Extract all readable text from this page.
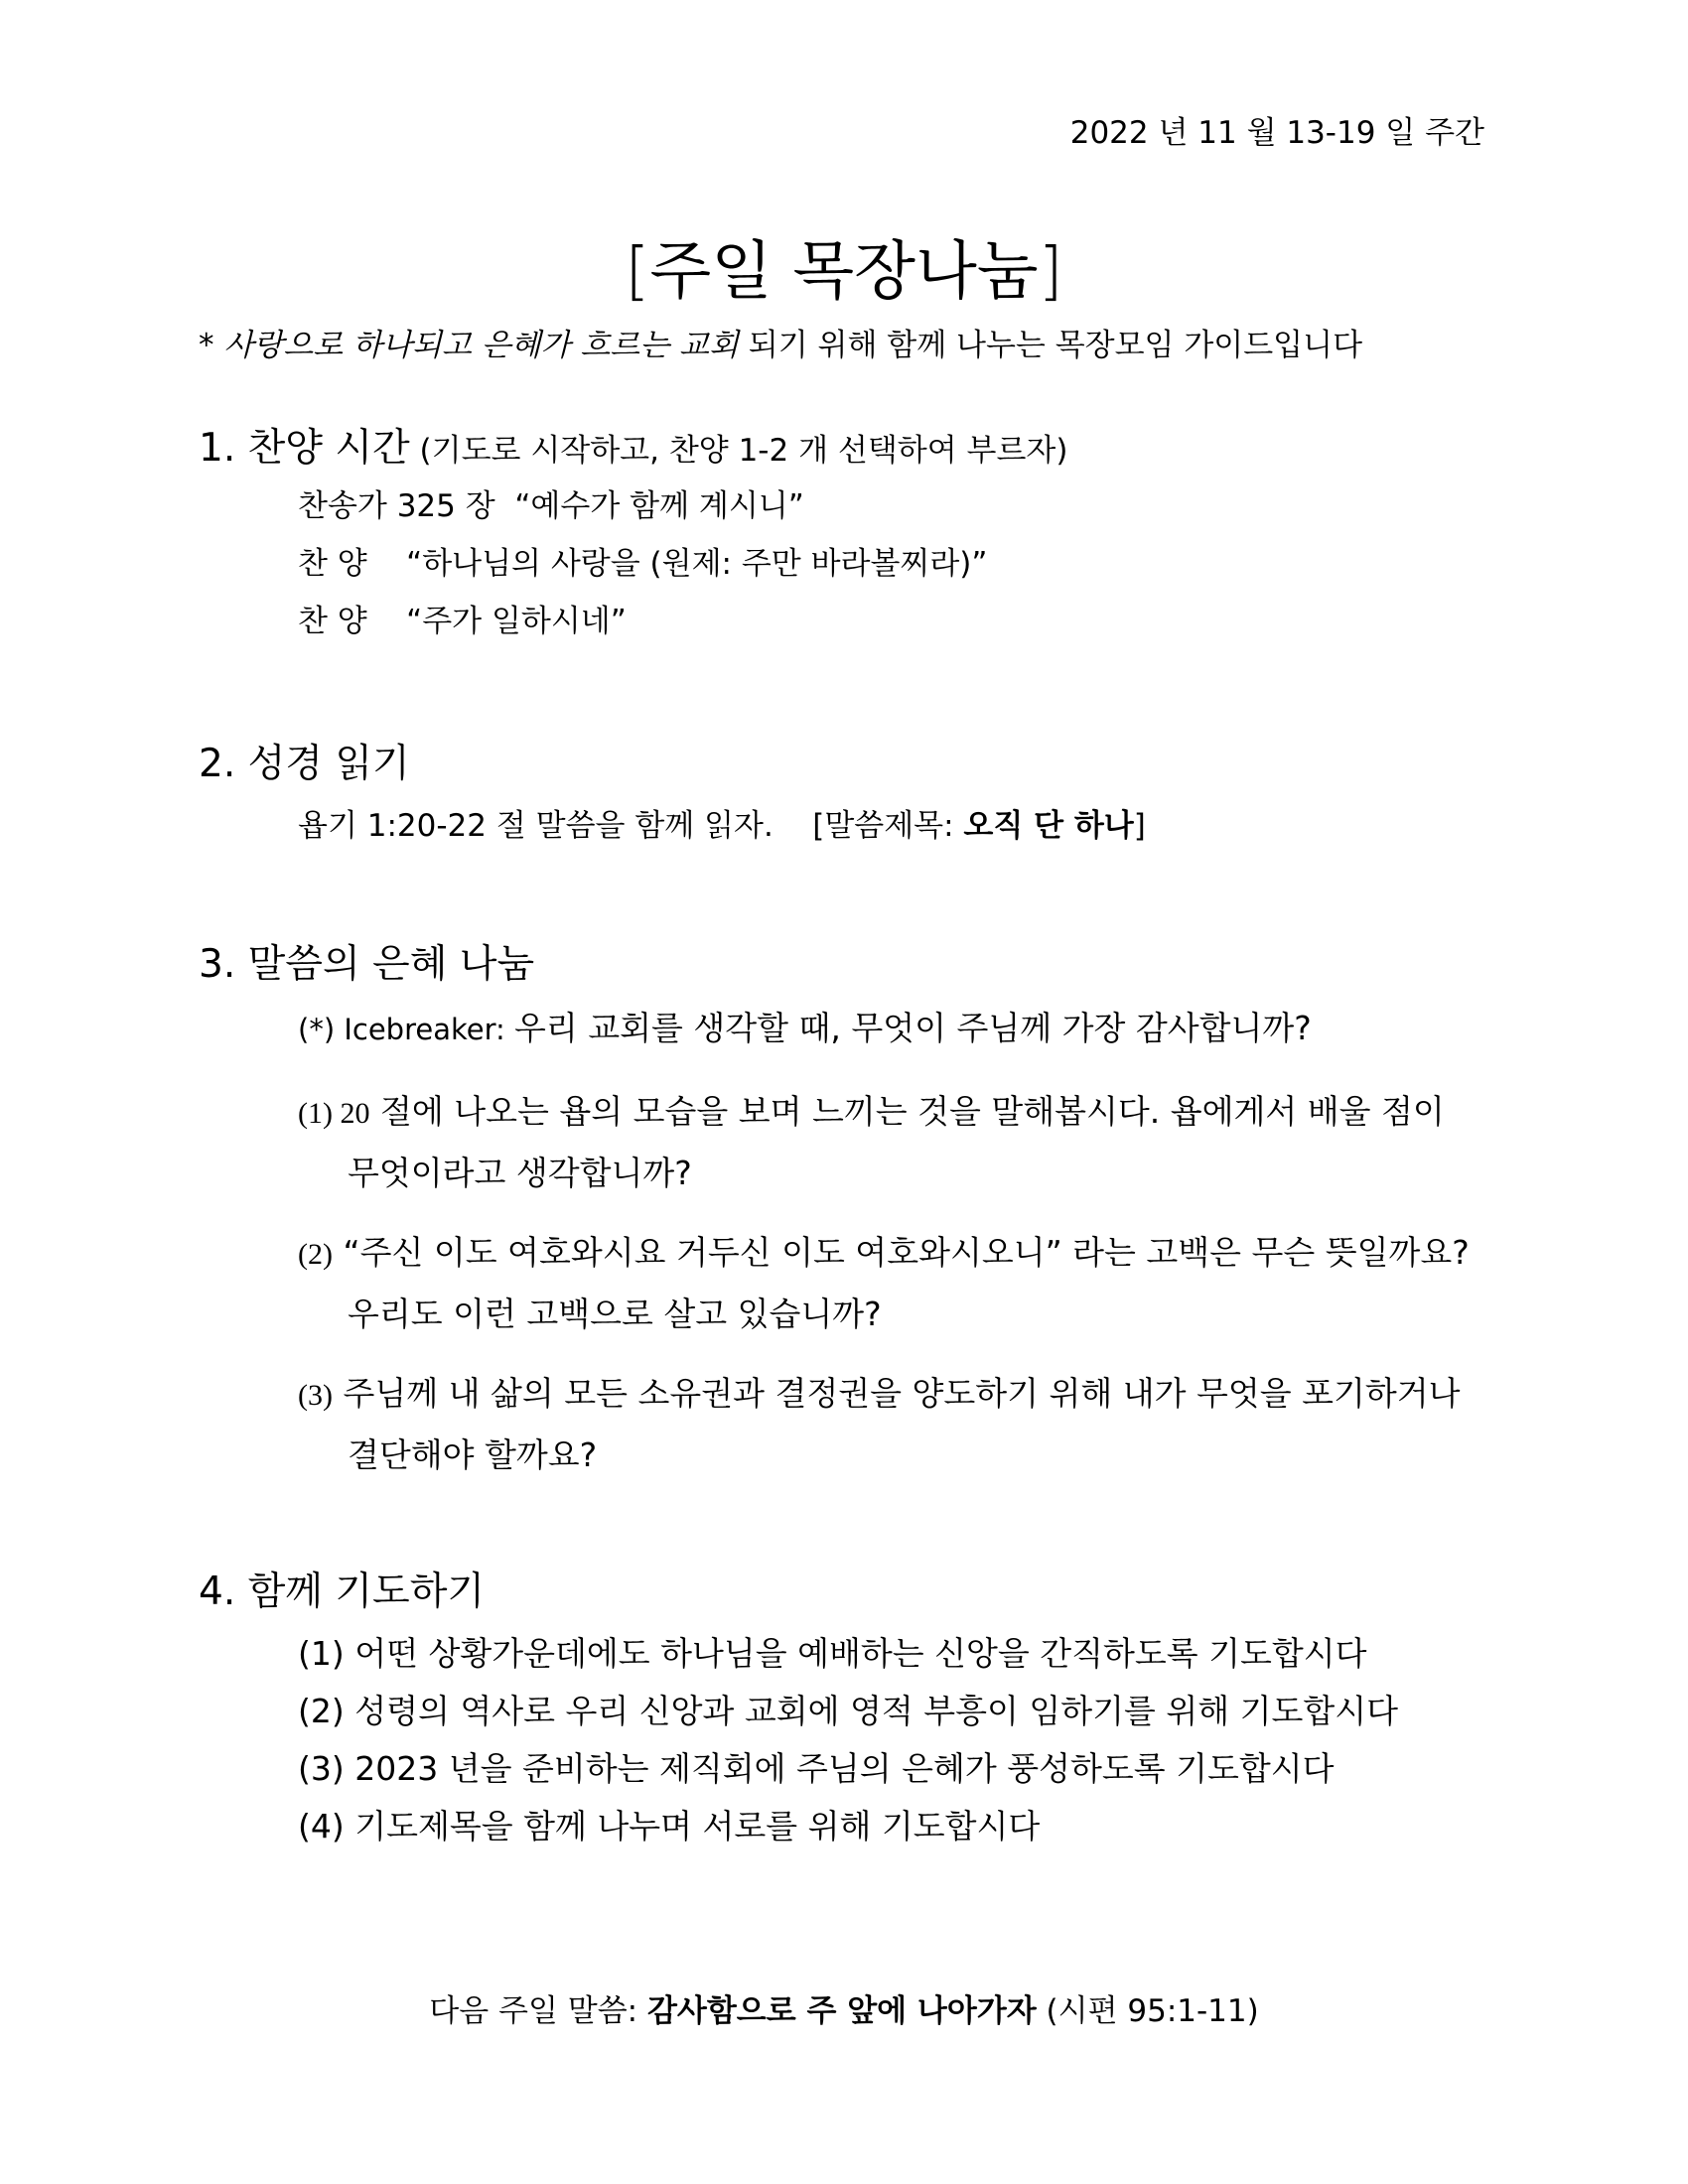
2022 년 11 월 13-19 일 주간
[주일 목장나눔]
* 사랑으로 하나되고 은혜가 흐르는 교회 되기 위해 함께 나누는 목장모임 가이드입니다
1. 찬양 시간 (기도로 시작하고, 찬양 1-2 개 선택하여 부르자)
찬송가 325 장  “예수가 함께 계시니”
찬 양    “하나님의 사랑을 (원제: 주만 바라볼찌라)”
찬 양    “주가 일하시네”
2. 성경 읽기
욥기 1:20-22 절 말씀을 함께 읽자.    [말씀제목: 오직 단 하나]
3. 말씀의 은혜 나눔
(*) Icebreaker: 우리 교회를 생각할 때, 무엇이 주님께 가장 감사합니까?
(1) 20 절에 나오는 욥의 모습을 보며 느끼는 것을 말해봅시다. 욥에게서 배울 점이
무엇이라고 생각합니까?
(2) “주신 이도 여호와시요 거두신 이도 여호와시오니” 라는 고백은 무슨 뜻일까요?
우리도 이런 고백으로 살고 있습니까?
(3) 주님께 내 삶의 모든 소유권과 결정권을 양도하기 위해 내가 무엇을 포기하거나
결단해야 할까요?
4. 함께 기도하기
(1) 어떤 상황가운데에도 하나님을 예배하는 신앙을 간직하도록 기도합시다
(2) 성령의 역사로 우리 신앙과 교회에 영적 부흥이 임하기를 위해 기도합시다
(3) 2023 년을 준비하는 제직회에 주님의 은혜가 풍성하도록 기도합시다
(4) 기도제목을 함께 나누며 서로를 위해 기도합시다
다음 주일 말씀: 감사함으로 주 앞에 나아가자 (시편 95:1-11)
